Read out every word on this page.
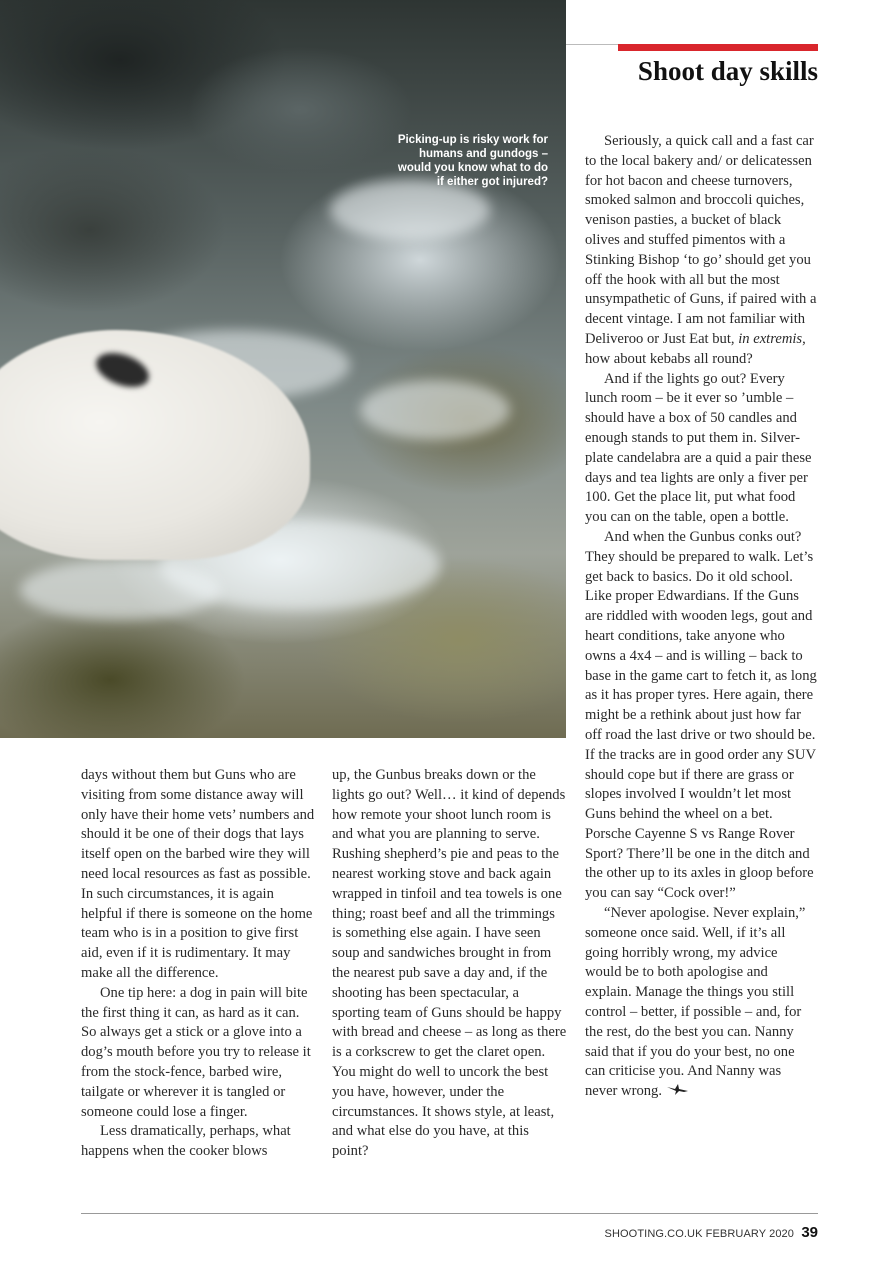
Picking-up is risky work for humans and gundogs – would you know what to do if either got injured?
Shoot day skills

days without them but Guns who are visiting from some distance away will only have their home vets’ numbers and should it be one of their dogs that lays itself open on the barbed wire they will need local resources as fast as possible. In such circumstances, it is again helpful if there is someone on the home team who is in a position to give first aid, even if it is rudimentary. It may make all the difference.

One tip here: a dog in pain will bite the first thing it can, as hard as it can. So always get a stick or a glove into a dog’s mouth before you try to release it from the stock-fence, barbed wire, tailgate or wherever it is tangled or someone could lose a finger.

Less dramatically, perhaps, what happens when the cooker blows

up, the Gunbus breaks down or the lights go out? Well… it kind of depends how remote your shoot lunch room is and what you are planning to serve. Rushing shepherd’s pie and peas to the nearest working stove and back again wrapped in tinfoil and tea towels is one thing; roast beef and all the trimmings is something else again. I have seen soup and sandwiches brought in from the nearest pub save a day and, if the shooting has been spectacular, a sporting team of Guns should be happy with bread and cheese – as long as there is a corkscrew to get the claret open. You might do well to uncork the best you have, however, under the circumstances. It shows style, at least, and what else do you have, at this point?

Seriously, a quick call and a fast car to the local bakery and/ or delicatessen for hot bacon and cheese turnovers, smoked salmon and broccoli quiches, venison pasties, a bucket of black olives and stuffed pimentos with a Stinking Bishop ‘to go’ should get you off the hook with all but the most unsympathetic of Guns, if paired with a decent vintage. I am not familiar with Deliveroo or Just Eat but, in extremis, how about kebabs all round?

And if the lights go out? Every lunch room – be it ever so ’umble – should have a box of 50 candles and enough stands to put them in. Silver-plate candelabra are a quid a pair these days and tea lights are only a fiver per 100. Get the place lit, put what food you can on the table, open a bottle.

And when the Gunbus conks out? They should be prepared to walk. Let’s get back to basics. Do it old school. Like proper Edwardians. If the Guns are riddled with wooden legs, gout and heart conditions, take anyone who owns a 4x4 – and is willing – back to base in the game cart to fetch it, as long as it has proper tyres. Here again, there might be a rethink about just how far off road the last drive or two should be. If the tracks are in good order any SUV should cope but if there are grass or slopes involved I wouldn’t let most Guns behind the wheel on a bet. Porsche Cayenne S vs Range Rover Sport? There’ll be one in the ditch and the other up to its axles in gloop before you can say “Cock over!”

“Never apologise. Never explain,” someone once said. Well, if it’s all going horribly wrong, my advice would be to both apologise and explain. Manage the things you still control – better, if possible – and, for the rest, do the best you can. Nanny said that if you do your best, no one can criticise you. And Nanny was never wrong.

SHOOTING.CO.UK FEBRUARY 2020 39
